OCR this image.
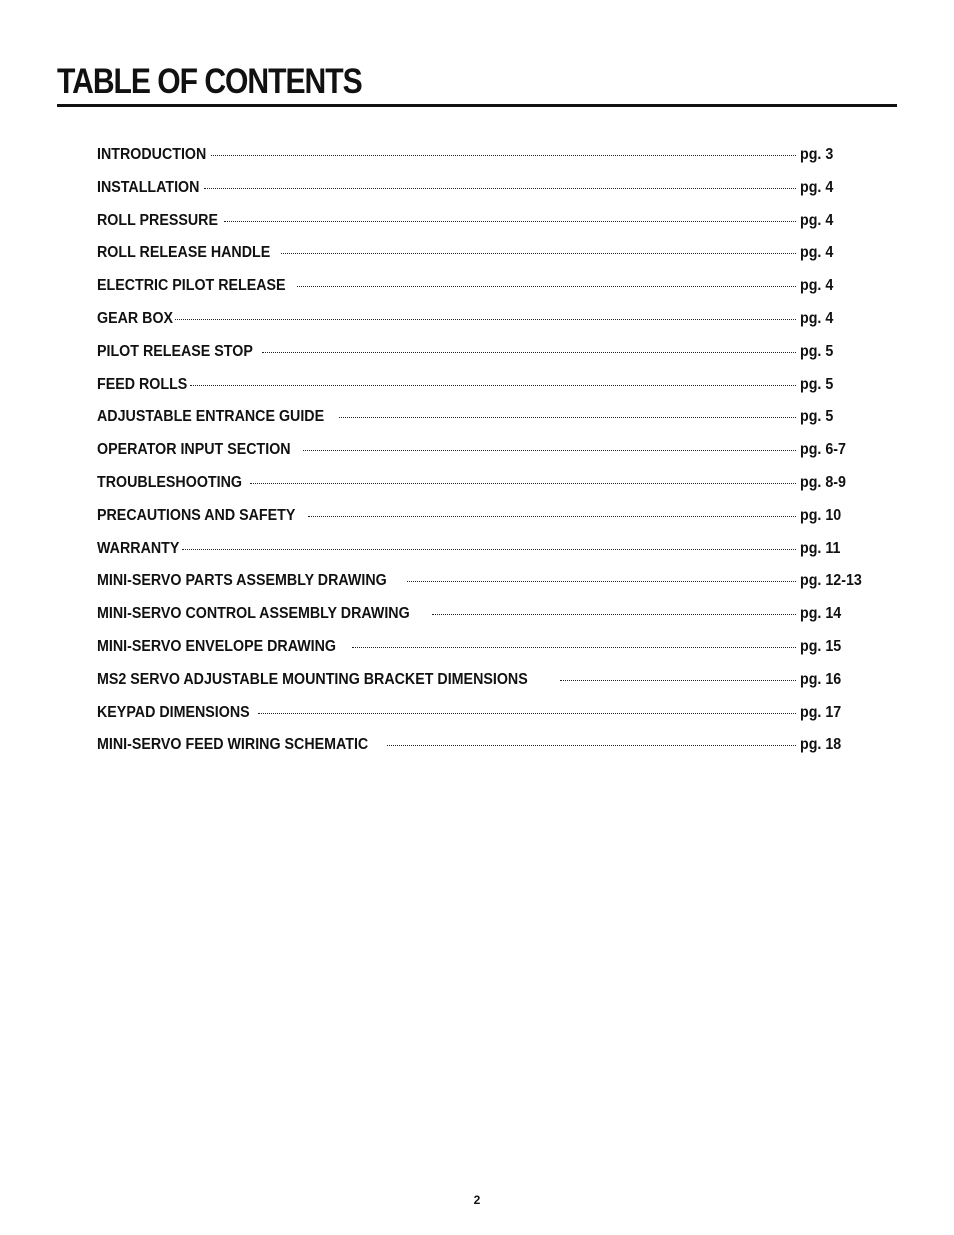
TABLE OF CONTENTS
INTRODUCTION	pg. 3
INSTALLATION	pg. 4
ROLL PRESSURE	pg. 4
ROLL RELEASE HANDLE	pg. 4
ELECTRIC PILOT RELEASE	pg. 4
GEAR BOX	pg. 4
PILOT RELEASE STOP	pg. 5
FEED ROLLS	pg. 5
ADJUSTABLE ENTRANCE GUIDE	pg. 5
OPERATOR INPUT SECTION	pg. 6-7
TROUBLESHOOTING	pg. 8-9
PRECAUTIONS AND SAFETY	pg. 10
WARRANTY	pg. 11
MINI-SERVO PARTS ASSEMBLY DRAWING	pg. 12-13
MINI-SERVO CONTROL ASSEMBLY DRAWING	pg. 14
MINI-SERVO ENVELOPE DRAWING	pg. 15
MS2 SERVO ADJUSTABLE MOUNTING BRACKET DIMENSIONS	pg. 16
KEYPAD DIMENSIONS	pg. 17
MINI-SERVO FEED WIRING SCHEMATIC	pg. 18
2
